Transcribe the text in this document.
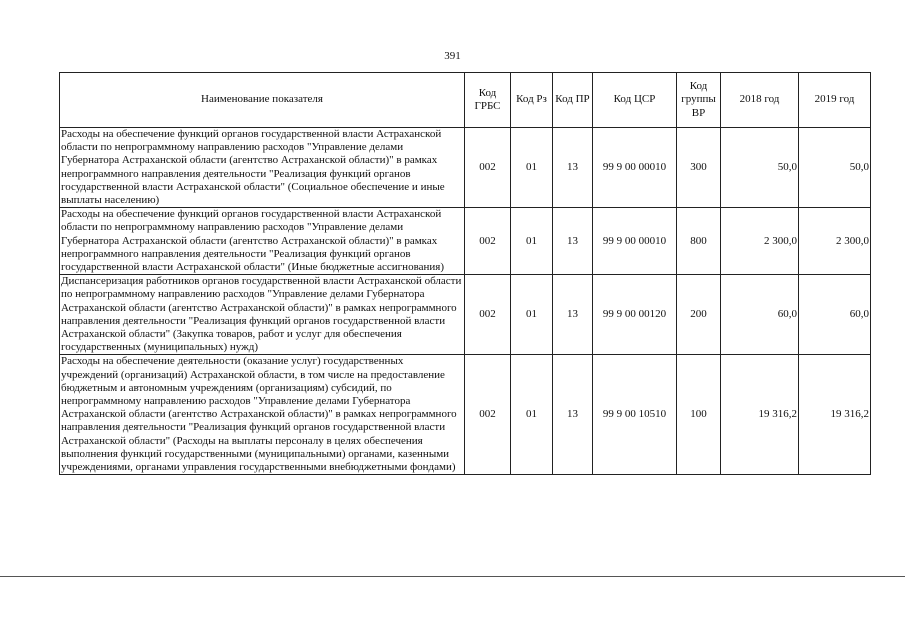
391
Наименование показателя	Код ГРБС	Код Рз	Код ПР	Код ЦСР	Код группы ВР	2018 год	2019 год
Расходы на обеспечение функций органов государственной власти Астраханской области по непрограммному направлению расходов "Управление делами Губернатора Астраханской области (агентство Астраханской области)" в рамках непрограммного направления деятельности "Реализация функций органов государственной власти Астраханской области" (Социальное обеспечение и иные выплаты населению)	002	01	13	99 9 00 00010	300	50,0	50,0
Расходы на обеспечение функций органов государственной власти Астраханской области по непрограммному направлению расходов "Управление делами Губернатора Астраханской области (агентство Астраханской области)" в рамках непрограммного направления деятельности "Реализация функций органов государственной власти Астраханской области" (Иные бюджетные ассигнования)	002	01	13	99 9 00 00010	800	2 300,0	2 300,0
Диспансеризация работников органов государственной власти Астраханской области по непрограммному направлению расходов "Управление делами Губернатора Астраханской области (агентство Астраханской области)" в рамках непрограммного направления деятельности "Реализация функций органов государственной власти Астраханской области" (Закупка товаров, работ и услуг для обеспечения государственных (муниципальных) нужд)	002	01	13	99 9 00 00120	200	60,0	60,0
Расходы на обеспечение деятельности (оказание услуг) государственных учреждений (организаций) Астраханской области, в том числе на предоставление бюджетным и автономным учреждениям (организациям) субсидий, по непрограммному направлению расходов "Управление делами Губернатора Астраханской области (агентство Астраханской области)" в рамках непрограммного направления деятельности "Реализация функций органов государственной власти Астраханской области" (Расходы на выплаты персоналу в целях обеспечения выполнения функций государственными (муниципальными) органами, казенными учреждениями, органами управления государственными внебюджетными фондами)	002	01	13	99 9 00 10510	100	19 316,2	19 316,2
